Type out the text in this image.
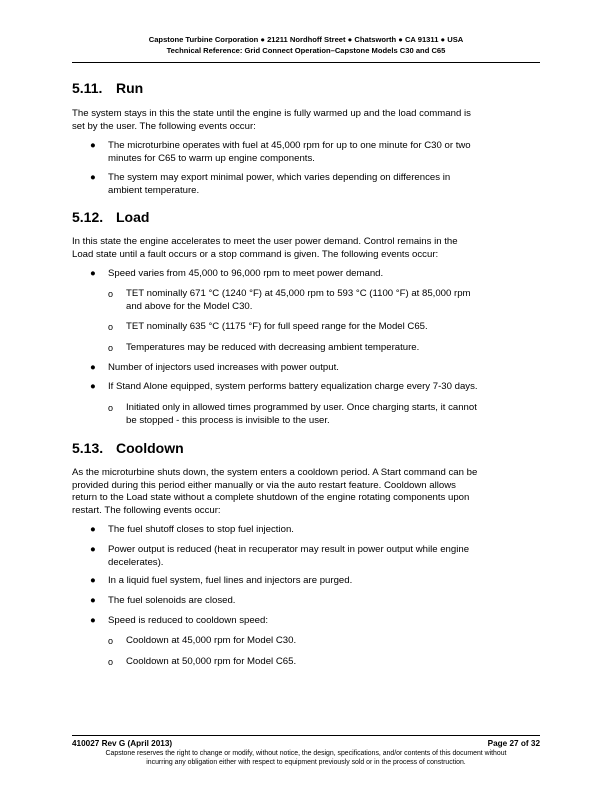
Capstone Turbine Corporation ● 21211 Nordhoff Street ● Chatsworth ● CA 91311 ● USA
Technical Reference: Grid Connect Operation–Capstone Models C30 and C65
5.11. Run
The system stays in this the state until the engine is fully warmed up and the load command is
set by the user. The following events occur:
● The microturbine operates with fuel at 45,000 rpm for up to one minute for C30 or two
minutes for C65 to warm up engine components.
● The system may export minimal power, which varies depending on differences in
ambient temperature.
5.12. Load
In this state the engine accelerates to meet the user power demand. Control remains in the
Load state until a fault occurs or a stop command is given. The following events occur:
● Speed varies from 45,000 to 96,000 rpm to meet power demand.
o TET nominally 671 °C (1240 °F) at 45,000 rpm to 593 °C (1100 °F) at 85,000 rpm
and above for the Model C30.
o TET nominally 635 °C (1175 °F) for full speed range for the Model C65.
o Temperatures may be reduced with decreasing ambient temperature.
● Number of injectors used increases with power output.
● If Stand Alone equipped, system performs battery equalization charge every 7-30 days.
o Initiated only in allowed times programmed by user. Once charging starts, it cannot
be stopped - this process is invisible to the user.
5.13. Cooldown
As the microturbine shuts down, the system enters a cooldown period. A Start command can be
provided during this period either manually or via the auto restart feature. Cooldown allows
return to the Load state without a complete shutdown of the engine rotating components upon
restart. The following events occur:
● The fuel shutoff closes to stop fuel injection.
● Power output is reduced (heat in recuperator may result in power output while engine
decelerates).
● In a liquid fuel system, fuel lines and injectors are purged.
● The fuel solenoids are closed.
● Speed is reduced to cooldown speed:
o Cooldown at 45,000 rpm for Model C30.
o Cooldown at 50,000 rpm for Model C65.
410027 Rev G (April 2013)	Page 27 of 32
Capstone reserves the right to change or modify, without notice, the design, specifications, and/or contents of this document without
incurring any obligation either with respect to equipment previously sold or in the process of construction.
